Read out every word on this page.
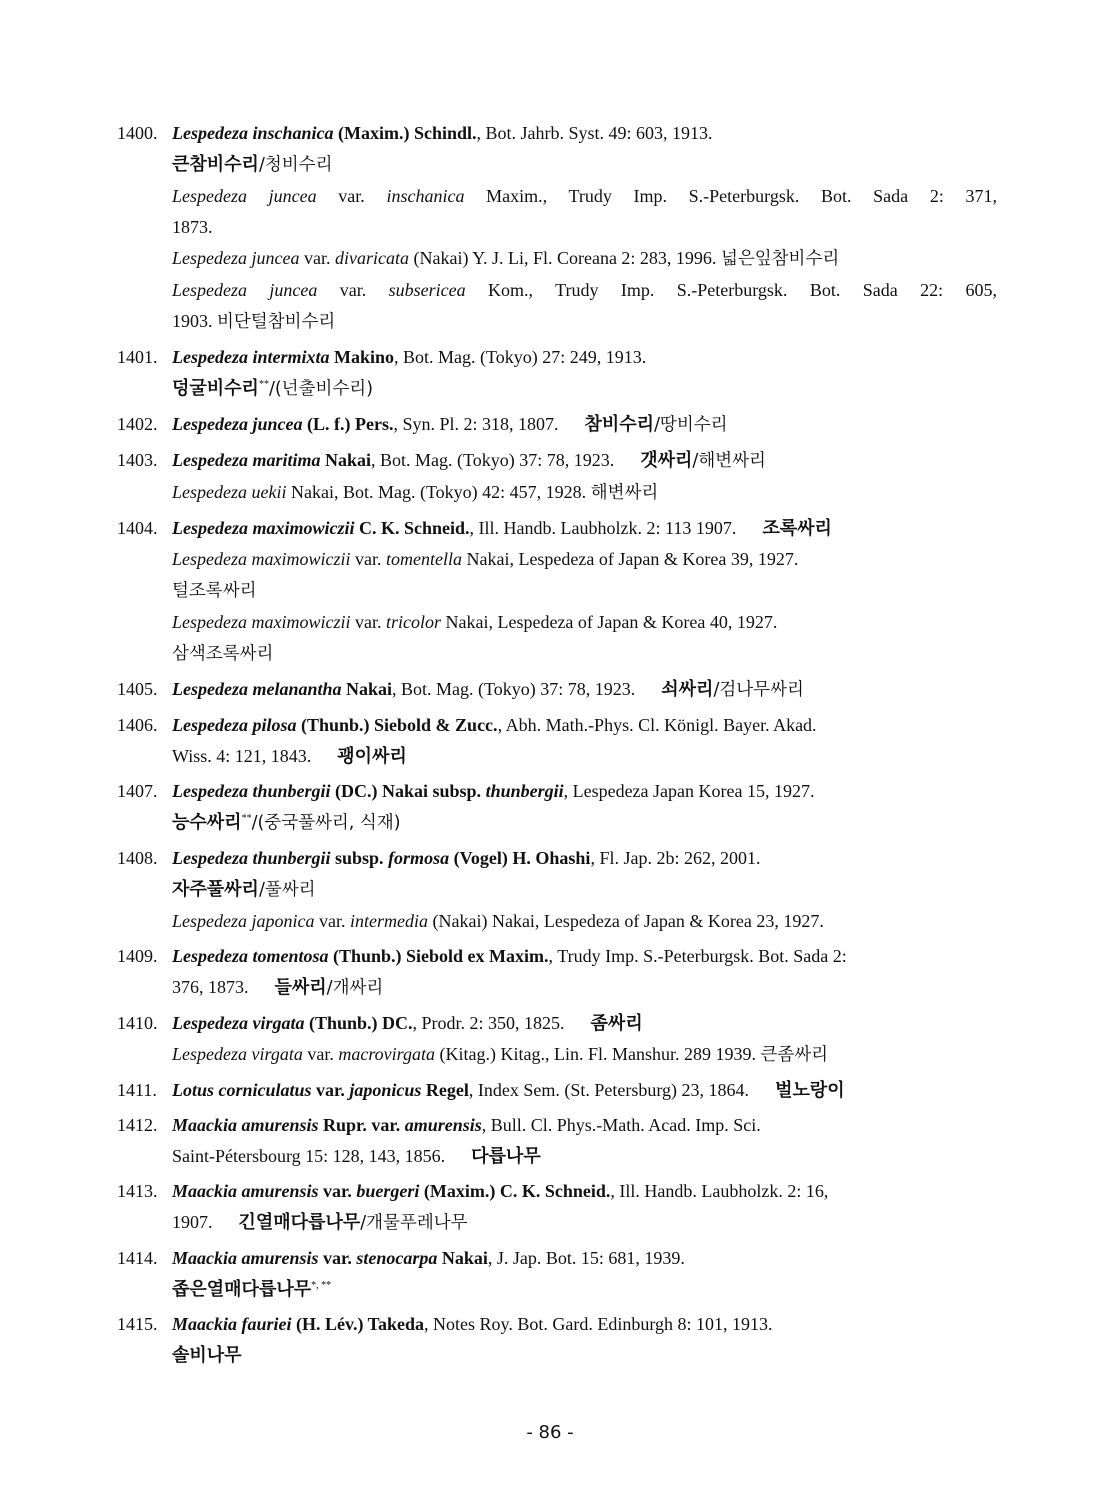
1400. Lespedeza inschanica (Maxim.) Schindl., Bot. Jahrb. Syst. 49: 603, 1913.
큰참비수리/청비수리
Lespedeza juncea var. inschanica Maxim., Trudy Imp. S.-Peterburgsk. Bot. Sada 2: 371,
1873.
Lespedeza juncea var. divaricata (Nakai) Y. J. Li, Fl. Coreana 2: 283, 1996. 넓은잎참비수리
Lespedeza juncea var. subsericea Kom., Trudy Imp. S.-Peterburgsk. Bot. Sada 22: 605,
1903. 비단털참비수리
1401. Lespedeza intermixta Makino, Bot. Mag. (Tokyo) 27: 249, 1913.
덩굴비수리**/(넌출비수리)
1402. Lespedeza juncea (L. f.) Pers., Syn. Pl. 2: 318, 1807. 참비수리/땅비수리
1403. Lespedeza maritima Nakai, Bot. Mag. (Tokyo) 37: 78, 1923. 갯싸리/해변싸리
Lespedeza uekii Nakai, Bot. Mag. (Tokyo) 42: 457, 1928. 해변싸리
1404. Lespedeza maximowiczii C. K. Schneid., Ill. Handb. Laubholzk. 2: 113 1907. 조록싸리
Lespedeza maximowiczii var. tomentella Nakai, Lespedeza of Japan & Korea 39, 1927.
털조록싸리
Lespedeza maximowiczii var. tricolor Nakai, Lespedeza of Japan & Korea 40, 1927.
삼색조록싸리
1405. Lespedeza melanantha Nakai, Bot. Mag. (Tokyo) 37: 78, 1923. 쇠싸리/검나무싸리
1406. Lespedeza pilosa (Thunb.) Siebold & Zucc., Abh. Math.-Phys. Cl. Königl. Bayer. Akad.
Wiss. 4: 121, 1843. 괭이싸리
1407. Lespedeza thunbergii (DC.) Nakai subsp. thunbergii, Lespedeza Japan Korea 15, 1927.
능수싸리**/(중국풀싸리, 식재)
1408. Lespedeza thunbergii subsp. formosa (Vogel) H. Ohashi, Fl. Jap. 2b: 262, 2001.
자주풀싸리/풀싸리
Lespedeza japonica var. intermedia (Nakai) Nakai, Lespedeza of Japan & Korea 23, 1927.
1409. Lespedeza tomentosa (Thunb.) Siebold ex Maxim., Trudy Imp. S.-Peterburgsk. Bot. Sada 2:
376, 1873. 들싸리/개싸리
1410. Lespedeza virgata (Thunb.) DC., Prodr. 2: 350, 1825. 좀싸리
Lespedeza virgata var. macrovirgata (Kitag.) Kitag., Lin. Fl. Manshur. 289 1939. 큰좀싸리
1411. Lotus corniculatus var. japonicus Regel, Index Sem. (St. Petersburg) 23, 1864. 벌노랑이
1412. Maackia amurensis Rupr. var. amurensis, Bull. Cl. Phys.-Math. Acad. Imp. Sci.
Saint-Pétersbourg 15: 128, 143, 1856. 다릅나무
1413. Maackia amurensis var. buergeri (Maxim.) C. K. Schneid., Ill. Handb. Laubholzk. 2: 16,
1907. 긴열매다릅나무/개물푸레나무
1414. Maackia amurensis var. stenocarpa Nakai, J. Jap. Bot. 15: 681, 1939.
좁은열매다릅나무*, **
1415. Maackia fauriei (H. Lév.) Takeda, Notes Roy. Bot. Gard. Edinburgh 8: 101, 1913.
솔비나무
- 86 -
